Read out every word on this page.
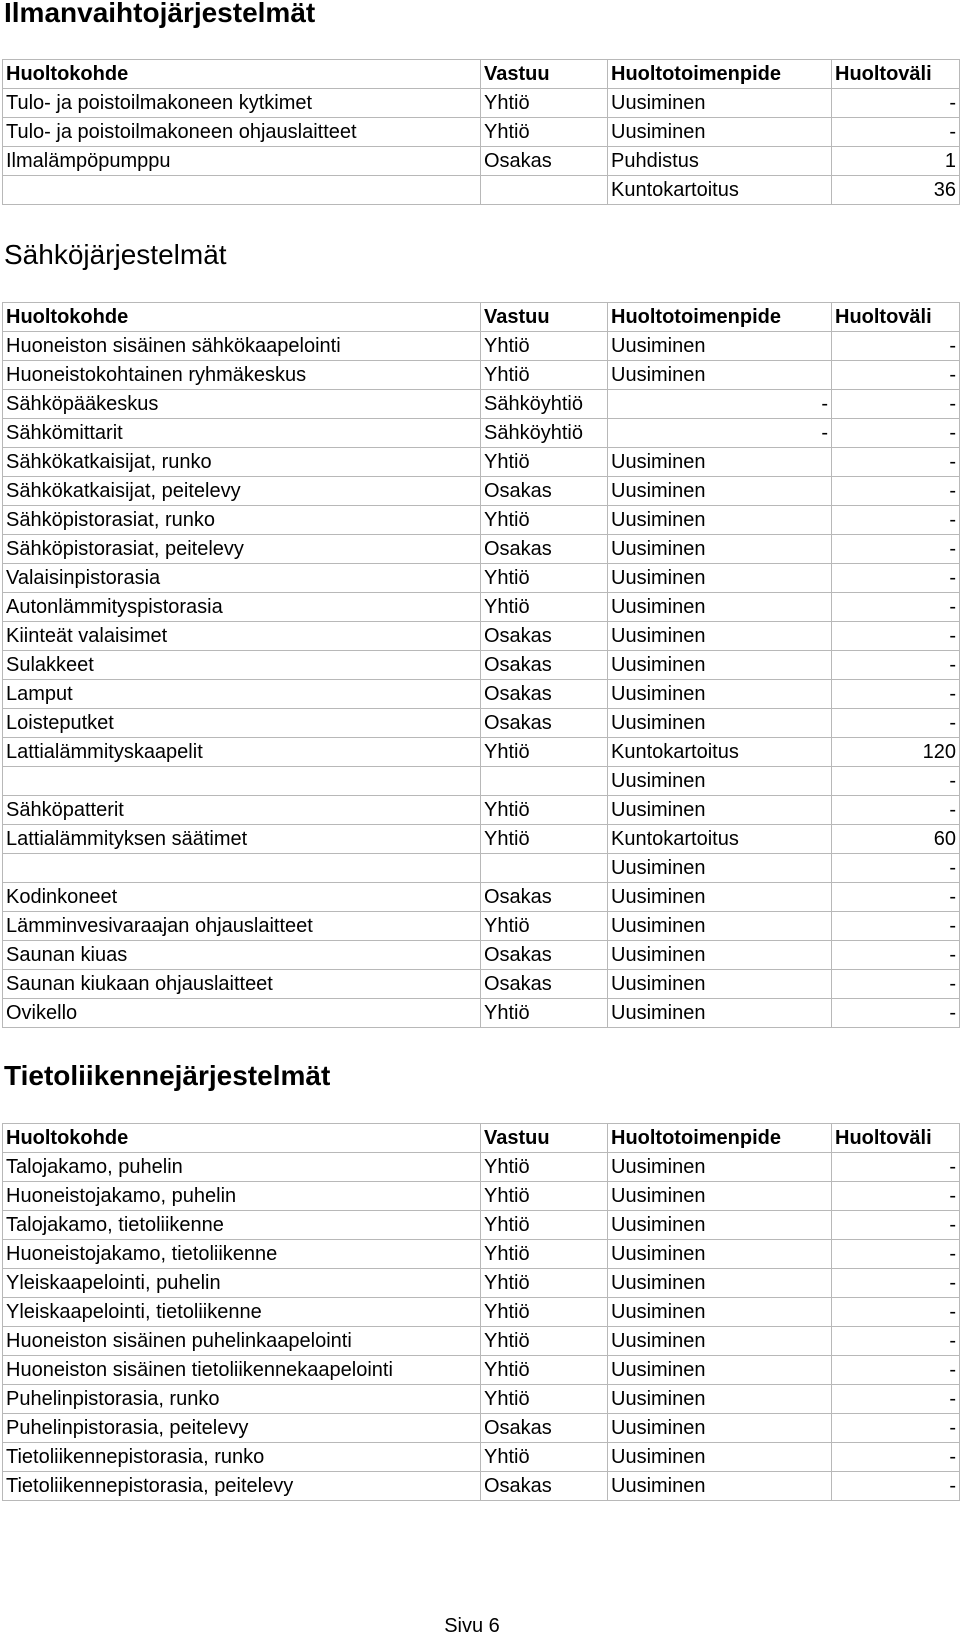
Ilmanvaihtojärjestelmät
Huoltokohde	Vastuu	Huoltotoimenpide	Huoltoväli
Tulo- ja poistoilmakoneen kytkimet	Yhtiö	Uusiminen	-
Tulo- ja poistoilmakoneen ohjauslaitteet	Yhtiö	Uusiminen	-
Ilmalämpöpumppu	Osakas	Puhdistus	1
		Kuntokartoitus	36
Sähköjärjestelmät
Huoltokohde	Vastuu	Huoltotoimenpide	Huoltoväli
Huoneiston sisäinen sähkökaapelointi	Yhtiö	Uusiminen	-
Huoneistokohtainen ryhmäkeskus	Yhtiö	Uusiminen	-
Sähköpääkeskus	Sähköyhtiö	-	-
Sähkömittarit	Sähköyhtiö	-	-
Sähkökatkaisijat, runko	Yhtiö	Uusiminen	-
Sähkökatkaisijat, peitelevy	Osakas	Uusiminen	-
Sähköpistorasiat, runko	Yhtiö	Uusiminen	-
Sähköpistorasiat, peitelevy	Osakas	Uusiminen	-
Valaisinpistorasia	Yhtiö	Uusiminen	-
Autonlämmityspistorasia	Yhtiö	Uusiminen	-
Kiinteät valaisimet	Osakas	Uusiminen	-
Sulakkeet	Osakas	Uusiminen	-
Lamput	Osakas	Uusiminen	-
Loisteputket	Osakas	Uusiminen	-
Lattialämmityskaapelit	Yhtiö	Kuntokartoitus	120
		Uusiminen	-
Sähköpatterit	Yhtiö	Uusiminen	-
Lattialämmityksen säätimet	Yhtiö	Kuntokartoitus	60
		Uusiminen	-
Kodinkoneet	Osakas	Uusiminen	-
Lämminvesivaraajan ohjauslaitteet	Yhtiö	Uusiminen	-
Saunan kiuas	Osakas	Uusiminen	-
Saunan kiukaan ohjauslaitteet	Osakas	Uusiminen	-
Ovikello	Yhtiö	Uusiminen	-
Tietoliikennejärjestelmät
Huoltokohde	Vastuu	Huoltotoimenpide	Huoltoväli
Talojakamo, puhelin	Yhtiö	Uusiminen	-
Huoneistojakamo, puhelin	Yhtiö	Uusiminen	-
Talojakamo, tietoliikenne	Yhtiö	Uusiminen	-
Huoneistojakamo, tietoliikenne	Yhtiö	Uusiminen	-
Yleiskaapelointi, puhelin	Yhtiö	Uusiminen	-
Yleiskaapelointi, tietoliikenne	Yhtiö	Uusiminen	-
Huoneiston sisäinen puhelinkaapelointi	Yhtiö	Uusiminen	-
Huoneiston sisäinen tietoliikennekaapelointi	Yhtiö	Uusiminen	-
Puhelinpistorasia, runko	Yhtiö	Uusiminen	-
Puhelinpistorasia, peitelevy	Osakas	Uusiminen	-
Tietoliikennepistorasia, runko	Yhtiö	Uusiminen	-
Tietoliikennepistorasia, peitelevy	Osakas	Uusiminen	-
Sivu 6
